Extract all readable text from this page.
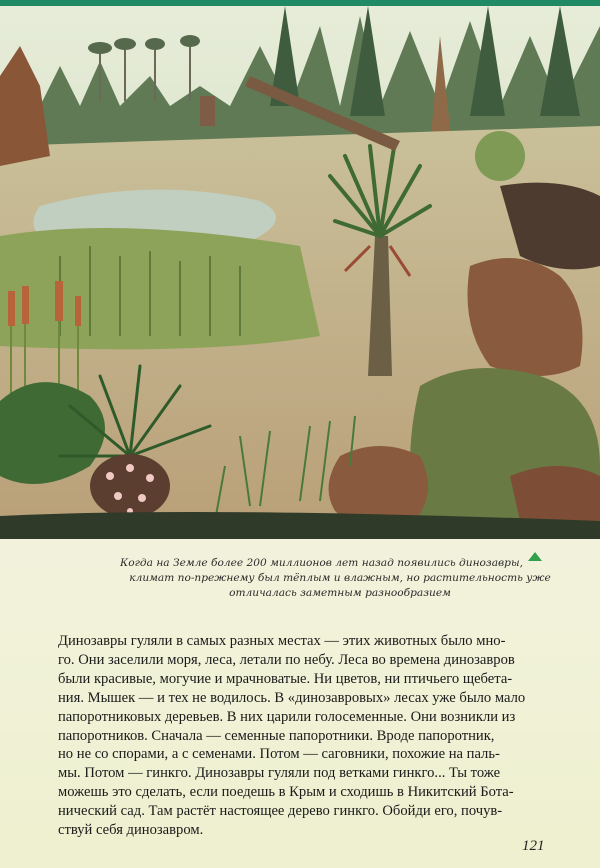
Когда на Земле более 200 миллионов лет назад появились динозавры,
климат по-прежнему был тёплым и влажным, но растительность уже
отличалась заметным разнообразием
Динозавры гуляли в самых разных местах — этих животных было мно-
го. Они заселили моря, леса, летали по небу. Леса во времена динозавров
были красивые, могучие и мрачноватые. Ни цветов, ни птичьего щебета-
ния. Мышек — и тех не водилось. В «динозавровых» лесах уже было мало
папоротниковых деревьев. В них царили голосеменные. Они возникли из
папоротников. Сначала — семенные папоротники. Вроде папоротник,
но не со спорами, а с семенами. Потом — саговники, похожие на паль-
мы. Потом — гинкго. Динозавры гуляли под ветками гинкго... Ты тоже
можешь это сделать, если поедешь в Крым и сходишь в Никитский Бота-
нический сад. Там растёт настоящее дерево гинкго. Обойди его, почув-
ствуй себя динозавром.
121
